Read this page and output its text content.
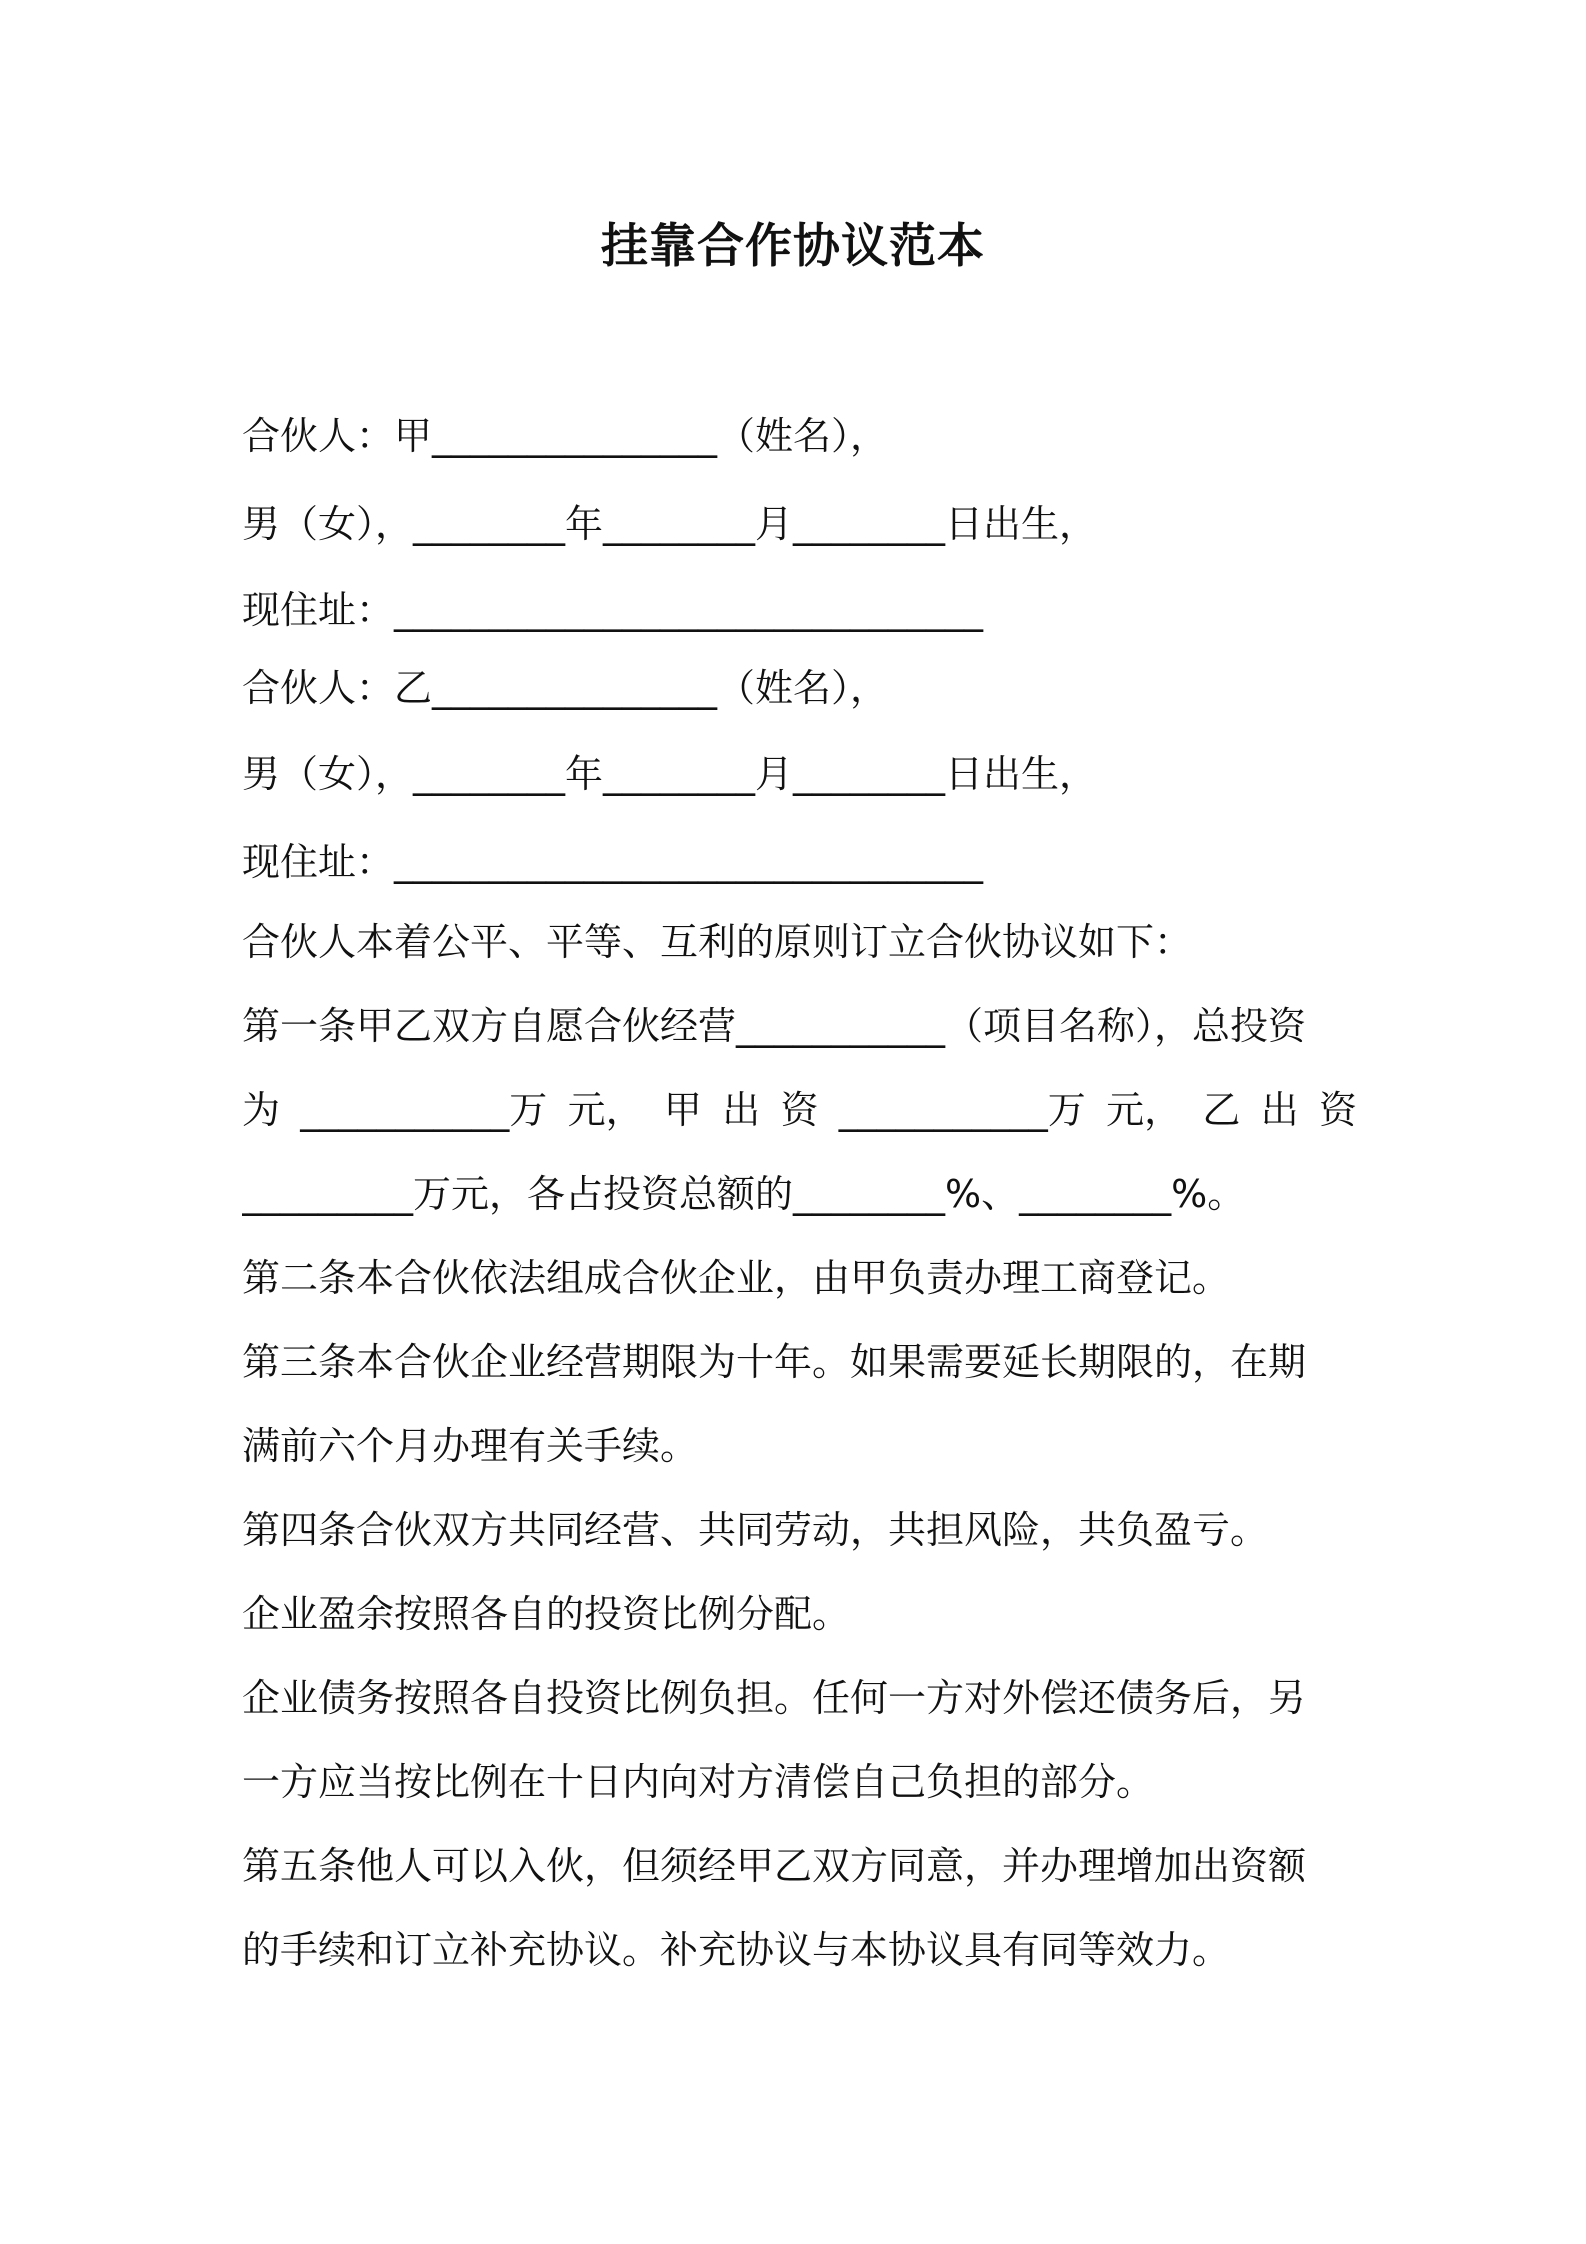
挂靠合作协议范本
合伙人：甲_______________（姓名），
男（女），________年________月________日出生，
现住址：_______________________________
合伙人：乙_______________（姓名），
男（女），________年________月________日出生，
现住址：_______________________________
合伙人本着公平、平等、互利的原则订立合伙协议如下：
第一条甲乙双方自愿合伙经营___________（项目名称），总投资
为 ___________万 元， 甲 出 资 ___________万 元， 乙 出 资
_________万元，各占投资总额的________%、________%。
第二条本合伙依法组成合伙企业，由甲负责办理工商登记。
第三条本合伙企业经营期限为十年。如果需要延长期限的，在期
满前六个月办理有关手续。
第四条合伙双方共同经营、共同劳动，共担风险，共负盈亏。
企业盈余按照各自的投资比例分配。
企业债务按照各自投资比例负担。任何一方对外偿还债务后，另
一方应当按比例在十日内向对方清偿自己负担的部分。
第五条他人可以入伙，但须经甲乙双方同意，并办理增加出资额
的手续和订立补充协议。补充协议与本协议具有同等效力。
